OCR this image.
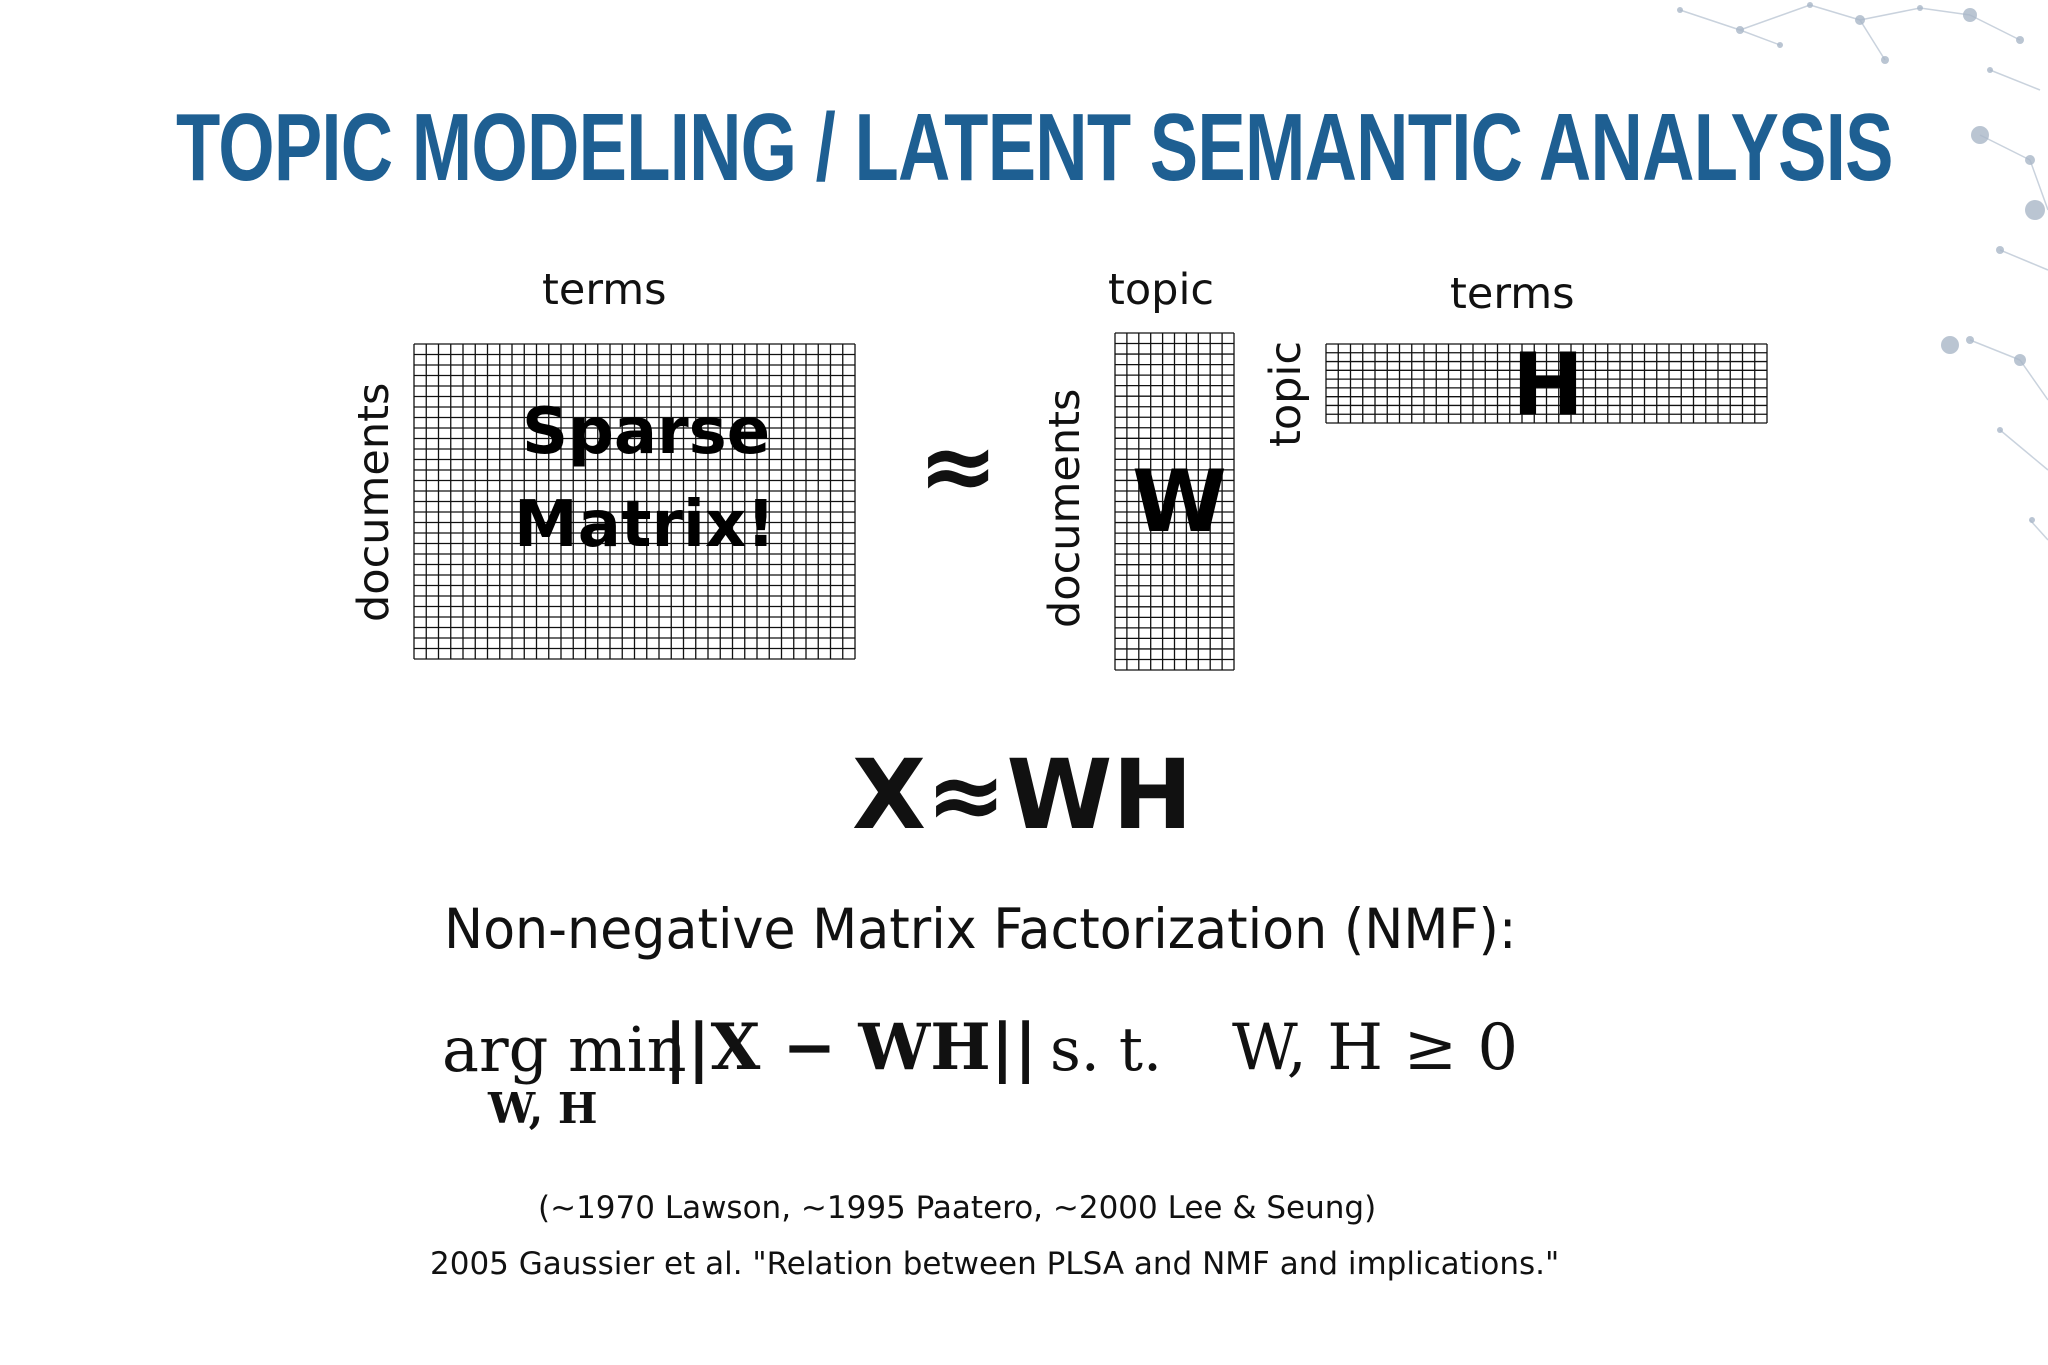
TOPIC MODELING / LATENT SEMANTIC ANALYSIS
terms
documents Sparse
Matrix!
≈
topic
documents W
terms
topic H
X≈WH
Non-negative Matrix Factorization (NMF):
arg min
||X − WH|| s. t. W, H ≥ 0
W, H
(~1970 Lawson, ~1995 Paatero, ~2000 Lee & Seung)
2005 Gaussier et al. "Relation between PLSA and NMF and implications."
